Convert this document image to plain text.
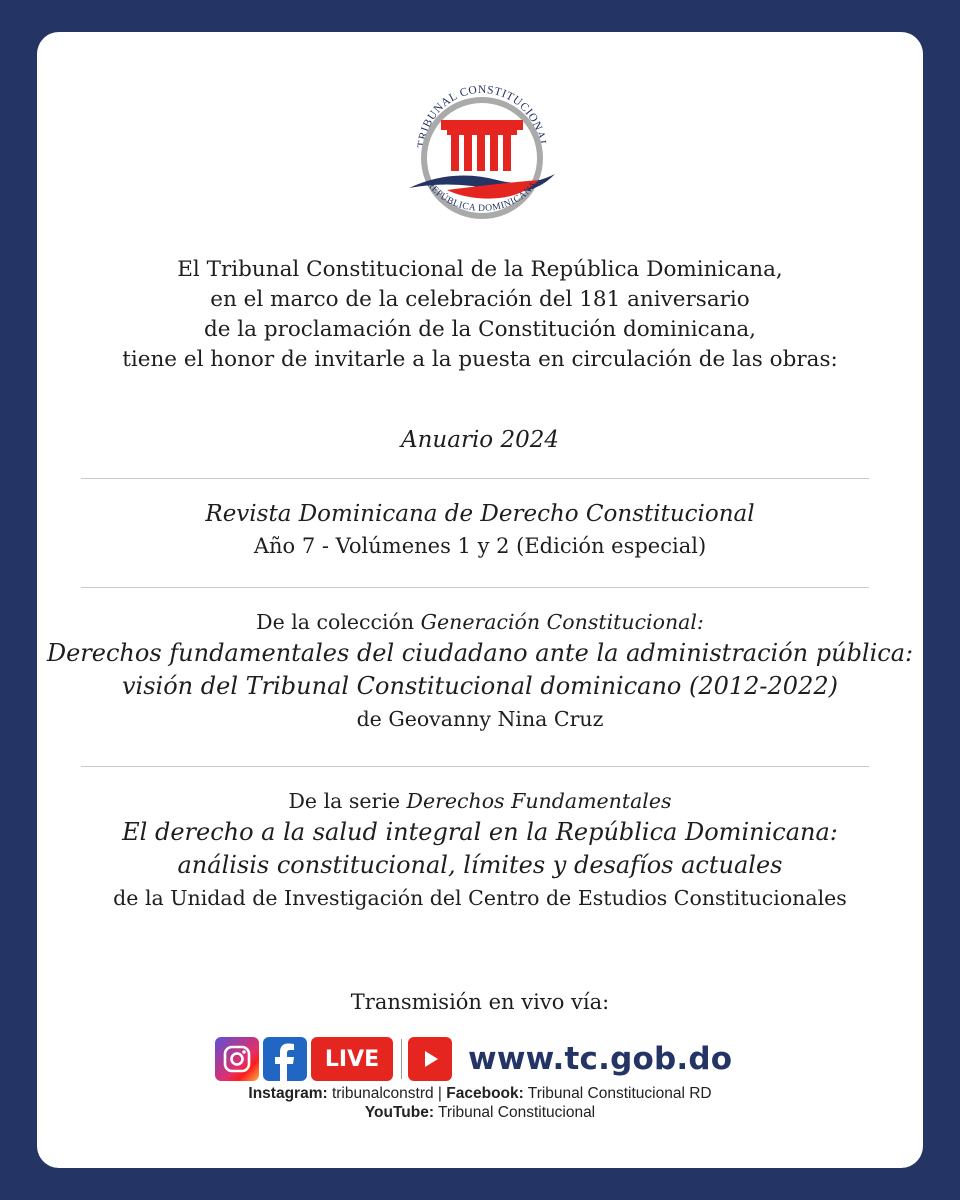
TRIBUNAL CONSTITUCIONAL
REPÚBLICA DOMINICANA
El Tribunal Constitucional de la República Dominicana,
en el marco de la celebración del 181 aniversario
de la proclamación de la Constitución dominicana,
tiene el honor de invitarle a la puesta en circulación de las obras:
Anuario 2024
Revista Dominicana de Derecho Constitucional
Año 7 - Volúmenes 1 y 2 (Edición especial)
De la colección Generación Constitucional:
Derechos fundamentales del ciudadano ante la administración pública:
visión del Tribunal Constitucional dominicano (2012-2022)
de Geovanny Nina Cruz
De la serie Derechos Fundamentales
El derecho a la salud integral en la República Dominicana:
análisis constitucional, límites y desafíos actuales
de la Unidad de Investigación del Centro de Estudios Constitucionales
Transmisión en vivo vía:
LIVE	www.tc.gob.do
Instagram: tribunalconstrd | Facebook: Tribunal Constitucional RD
YouTube: Tribunal Constitucional
